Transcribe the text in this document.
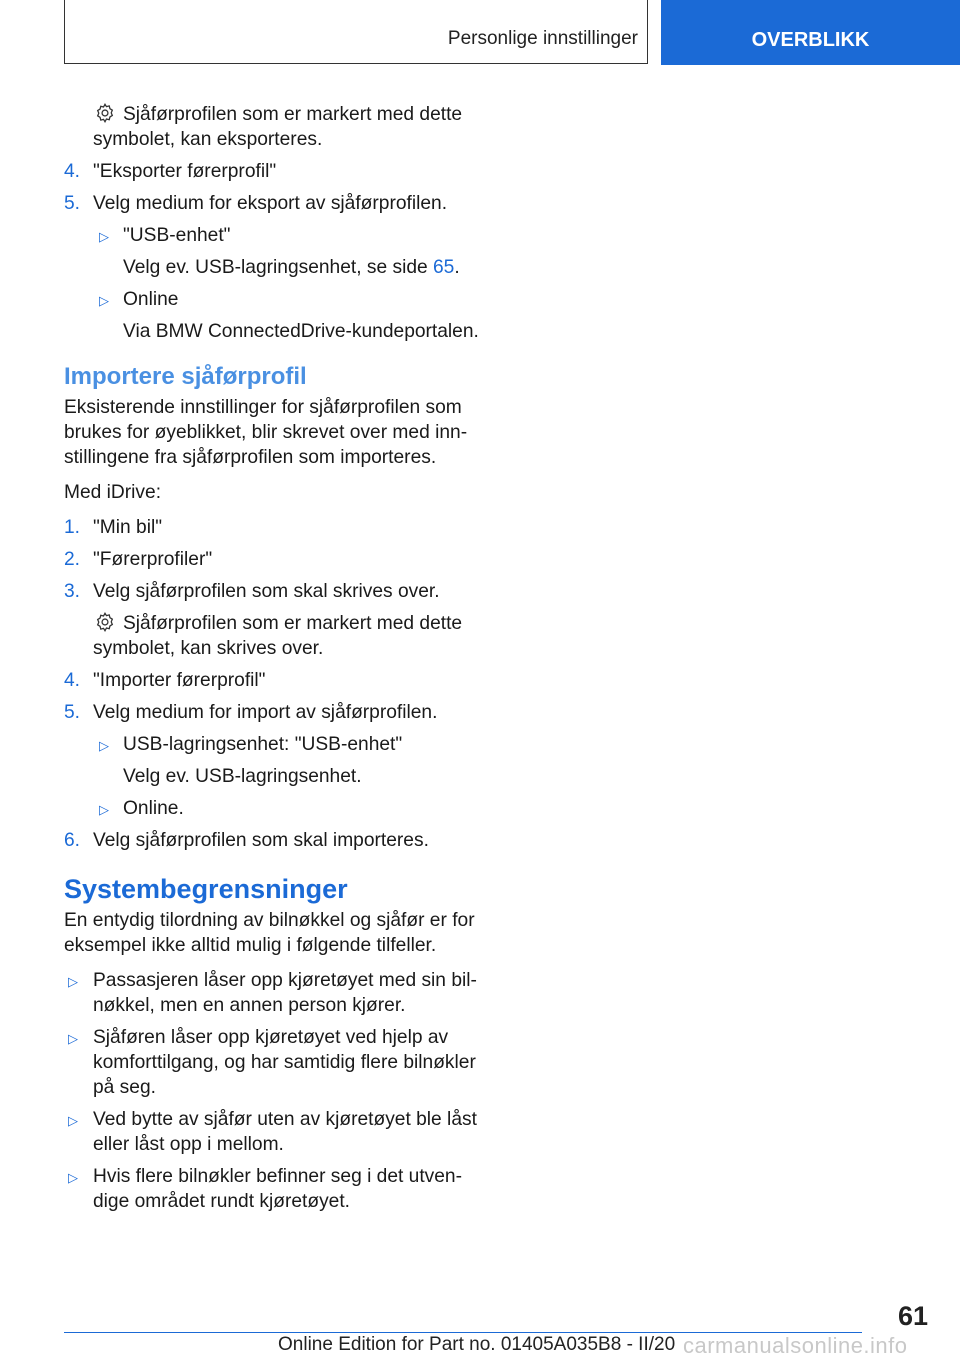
Personlige innstillinger	OVERBLIKK
Sjåførprofilen som er markert med dette symbolet, kan eksporteres.
4. "Eksporter førerprofil"
5. Velg medium for eksport av sjåførprofilen.
▷ "USB-enhet"
Velg ev. USB-lagringsenhet, se side 65.
▷ Online
Via BMW ConnectedDrive-kundeportalen.
Importere sjåførprofil
Eksisterende innstillinger for sjåførprofilen som brukes for øyeblikket, blir skrevet over med inn-stillingene fra sjåførprofilen som importeres.
Med iDrive:
1. "Min bil"
2. "Førerprofiler"
3. Velg sjåførprofilen som skal skrives over.
Sjåførprofilen som er markert med dette symbolet, kan skrives over.
4. "Importer førerprofil"
5. Velg medium for import av sjåførprofilen.
▷ USB-lagringsenhet: "USB-enhet"
Velg ev. USB-lagringsenhet.
▷ Online.
6. Velg sjåførprofilen som skal importeres.
Systembegrensninger
En entydig tilordning av bilnøkkel og sjåfør er for eksempel ikke alltid mulig i følgende tilfeller.
▷ Passasjeren låser opp kjøretøyet med sin bil-nøkkel, men en annen person kjører.
▷ Sjåføren låser opp kjøretøyet ved hjelp av komforttilgang, og har samtidig flere bilnøkler på seg.
▷ Ved bytte av sjåfør uten av kjøretøyet ble låst eller låst opp i mellom.
▷ Hvis flere bilnøkler befinner seg i det utven-dige området rundt kjøretøyet.
61
Online Edition for Part no. 01405A035B8 - II/20 carmanualsonline.info
